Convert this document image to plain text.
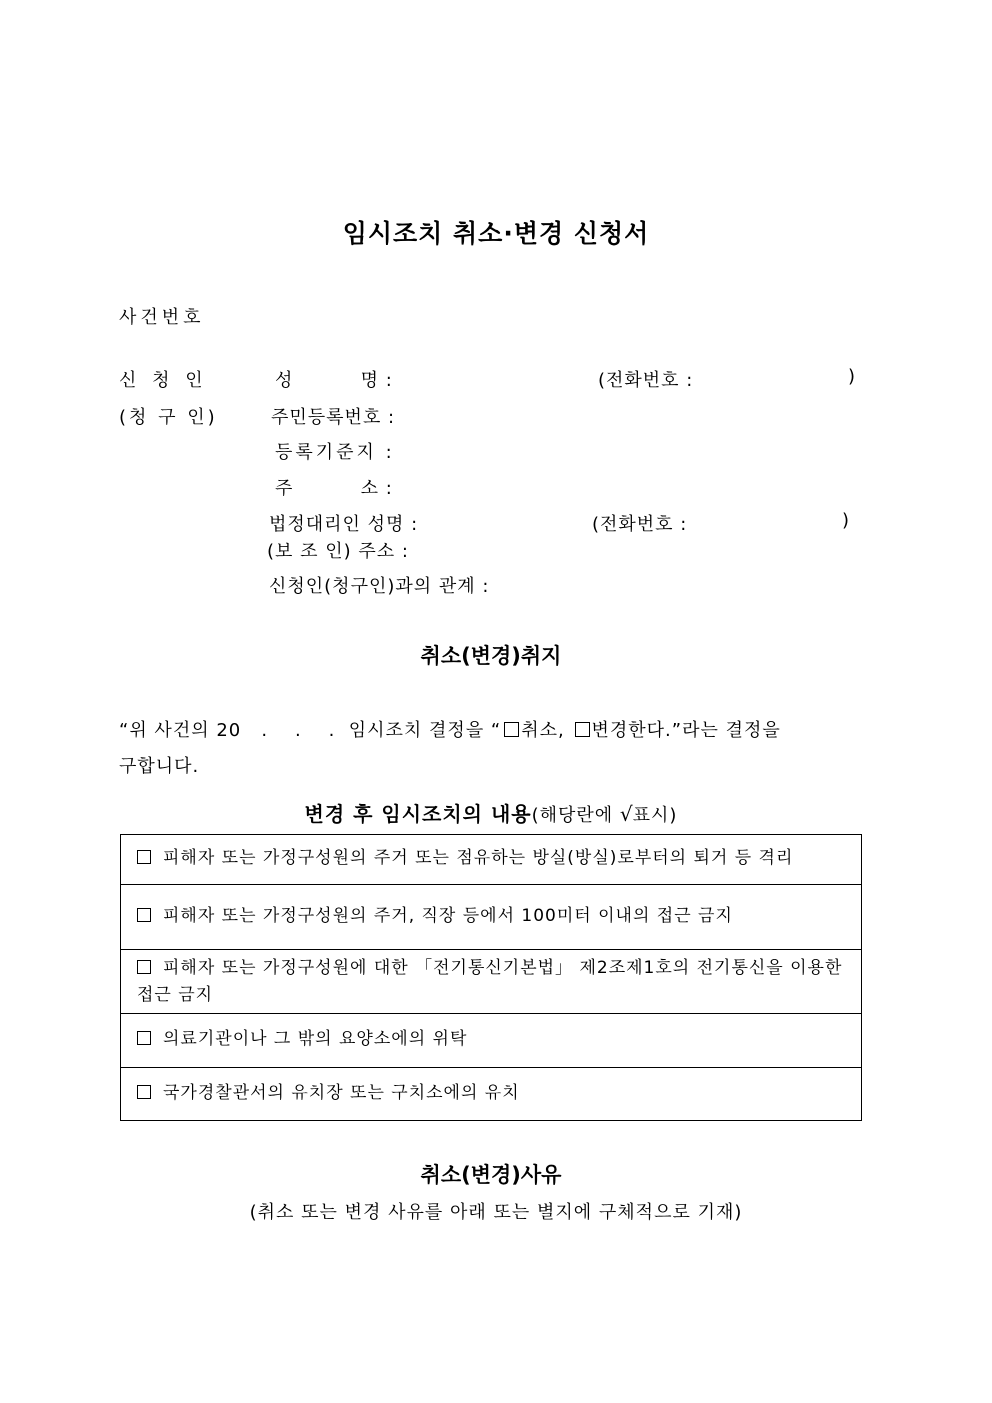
임시조치 취소·변경 신청서
사건번호
신 청 인
(청 구 인)
성          명 :	(전화번호 :	)
주민등록번호 :
등록기준지 :
주          소 :
법정대리인 성명 :	(전화번호 :	)
(보 조 인) 주소 :
신청인(청구인)과의 관계 :
취소(변경)취지
“위 사건의 20   .    .    .  임시조치 결정을 “ 취소, 변경한다.”라는 결정을
구합니다.
변경 후 임시조치의 내용(해당란에 √표시)
피해자 또는 가정구성원의 주거 또는 점유하는 방실(방실)로부터의 퇴거 등 격리
피해자 또는 가정구성원의 주거, 직장 등에서 100미터 이내의 접근 금지
피해자 또는 가정구성원에 대한 「전기통신기본법」 제2조제1호의 전기통신을 이용한 접근 금지
의료기관이나 그 밖의 요양소에의 위탁
국가경찰관서의 유치장 또는 구치소에의 유치
취소(변경)사유
(취소 또는 변경 사유를 아래 또는 별지에 구체적으로 기재)
